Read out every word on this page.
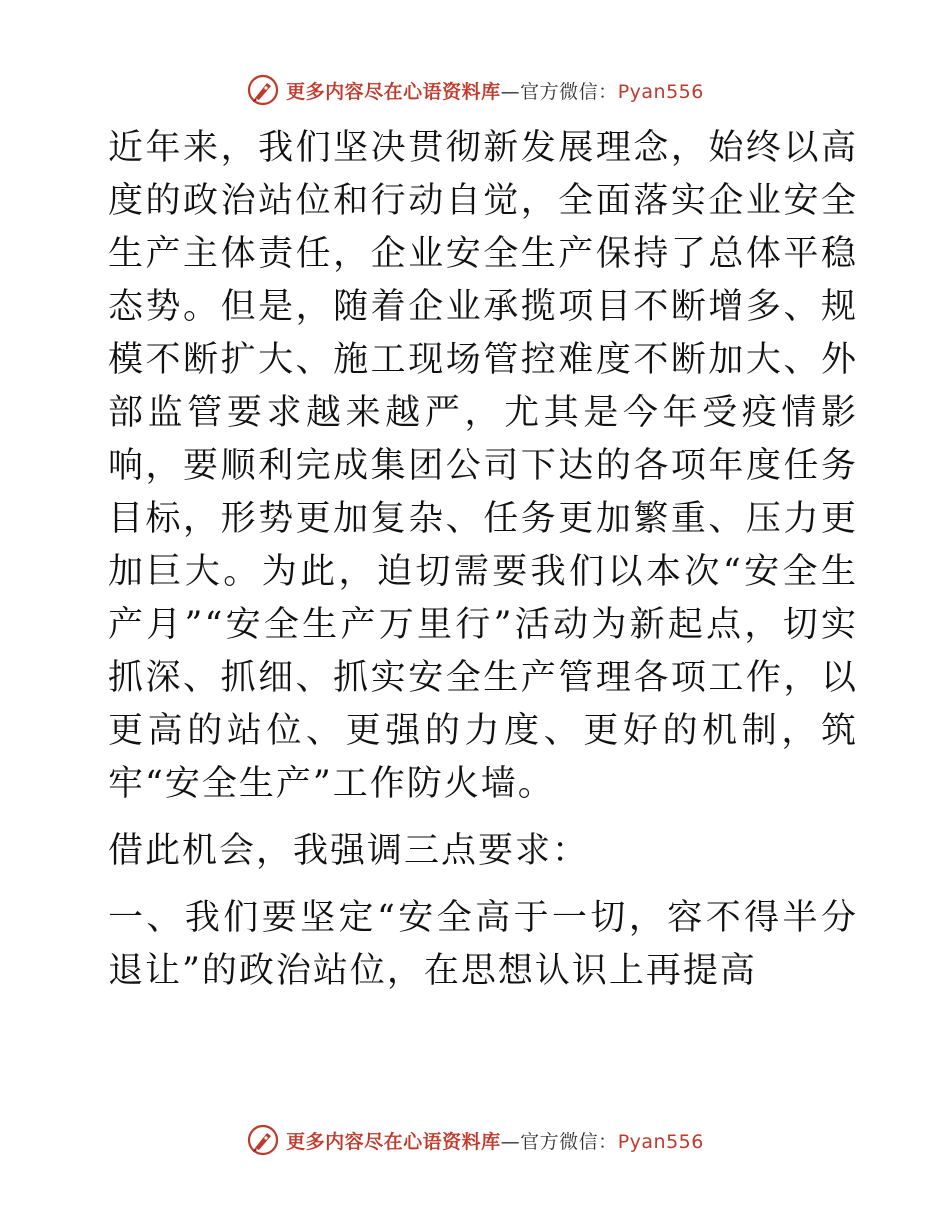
更多内容尽在心语资料库—官方微信：Pyan556

近年来，我们坚决贯彻新发展理念，始终以高度的政治站位和行动自觉，全面落实企业安全生产主体责任，企业安全生产保持了总体平稳态势。但是，随着企业承揽项目不断增多、规模不断扩大、施工现场管控难度不断加大、外部监管要求越来越严，尤其是今年受疫情影响，要顺利完成集团公司下达的各项年度任务目标，形势更加复杂、任务更加繁重、压力更加巨大。为此，迫切需要我们以本次“安全生产月”“安全生产万里行”活动为新起点，切实抓深、抓细、抓实安全生产管理各项工作，以更高的站位、更强的力度、更好的机制，筑牢“安全生产”工作防火墙。

借此机会，我强调三点要求：

一、我们要坚定“安全高于一切，容不得半分退让”的政治站位，在思想认识上再提高

更多内容尽在心语资料库—官方微信：Pyan556
